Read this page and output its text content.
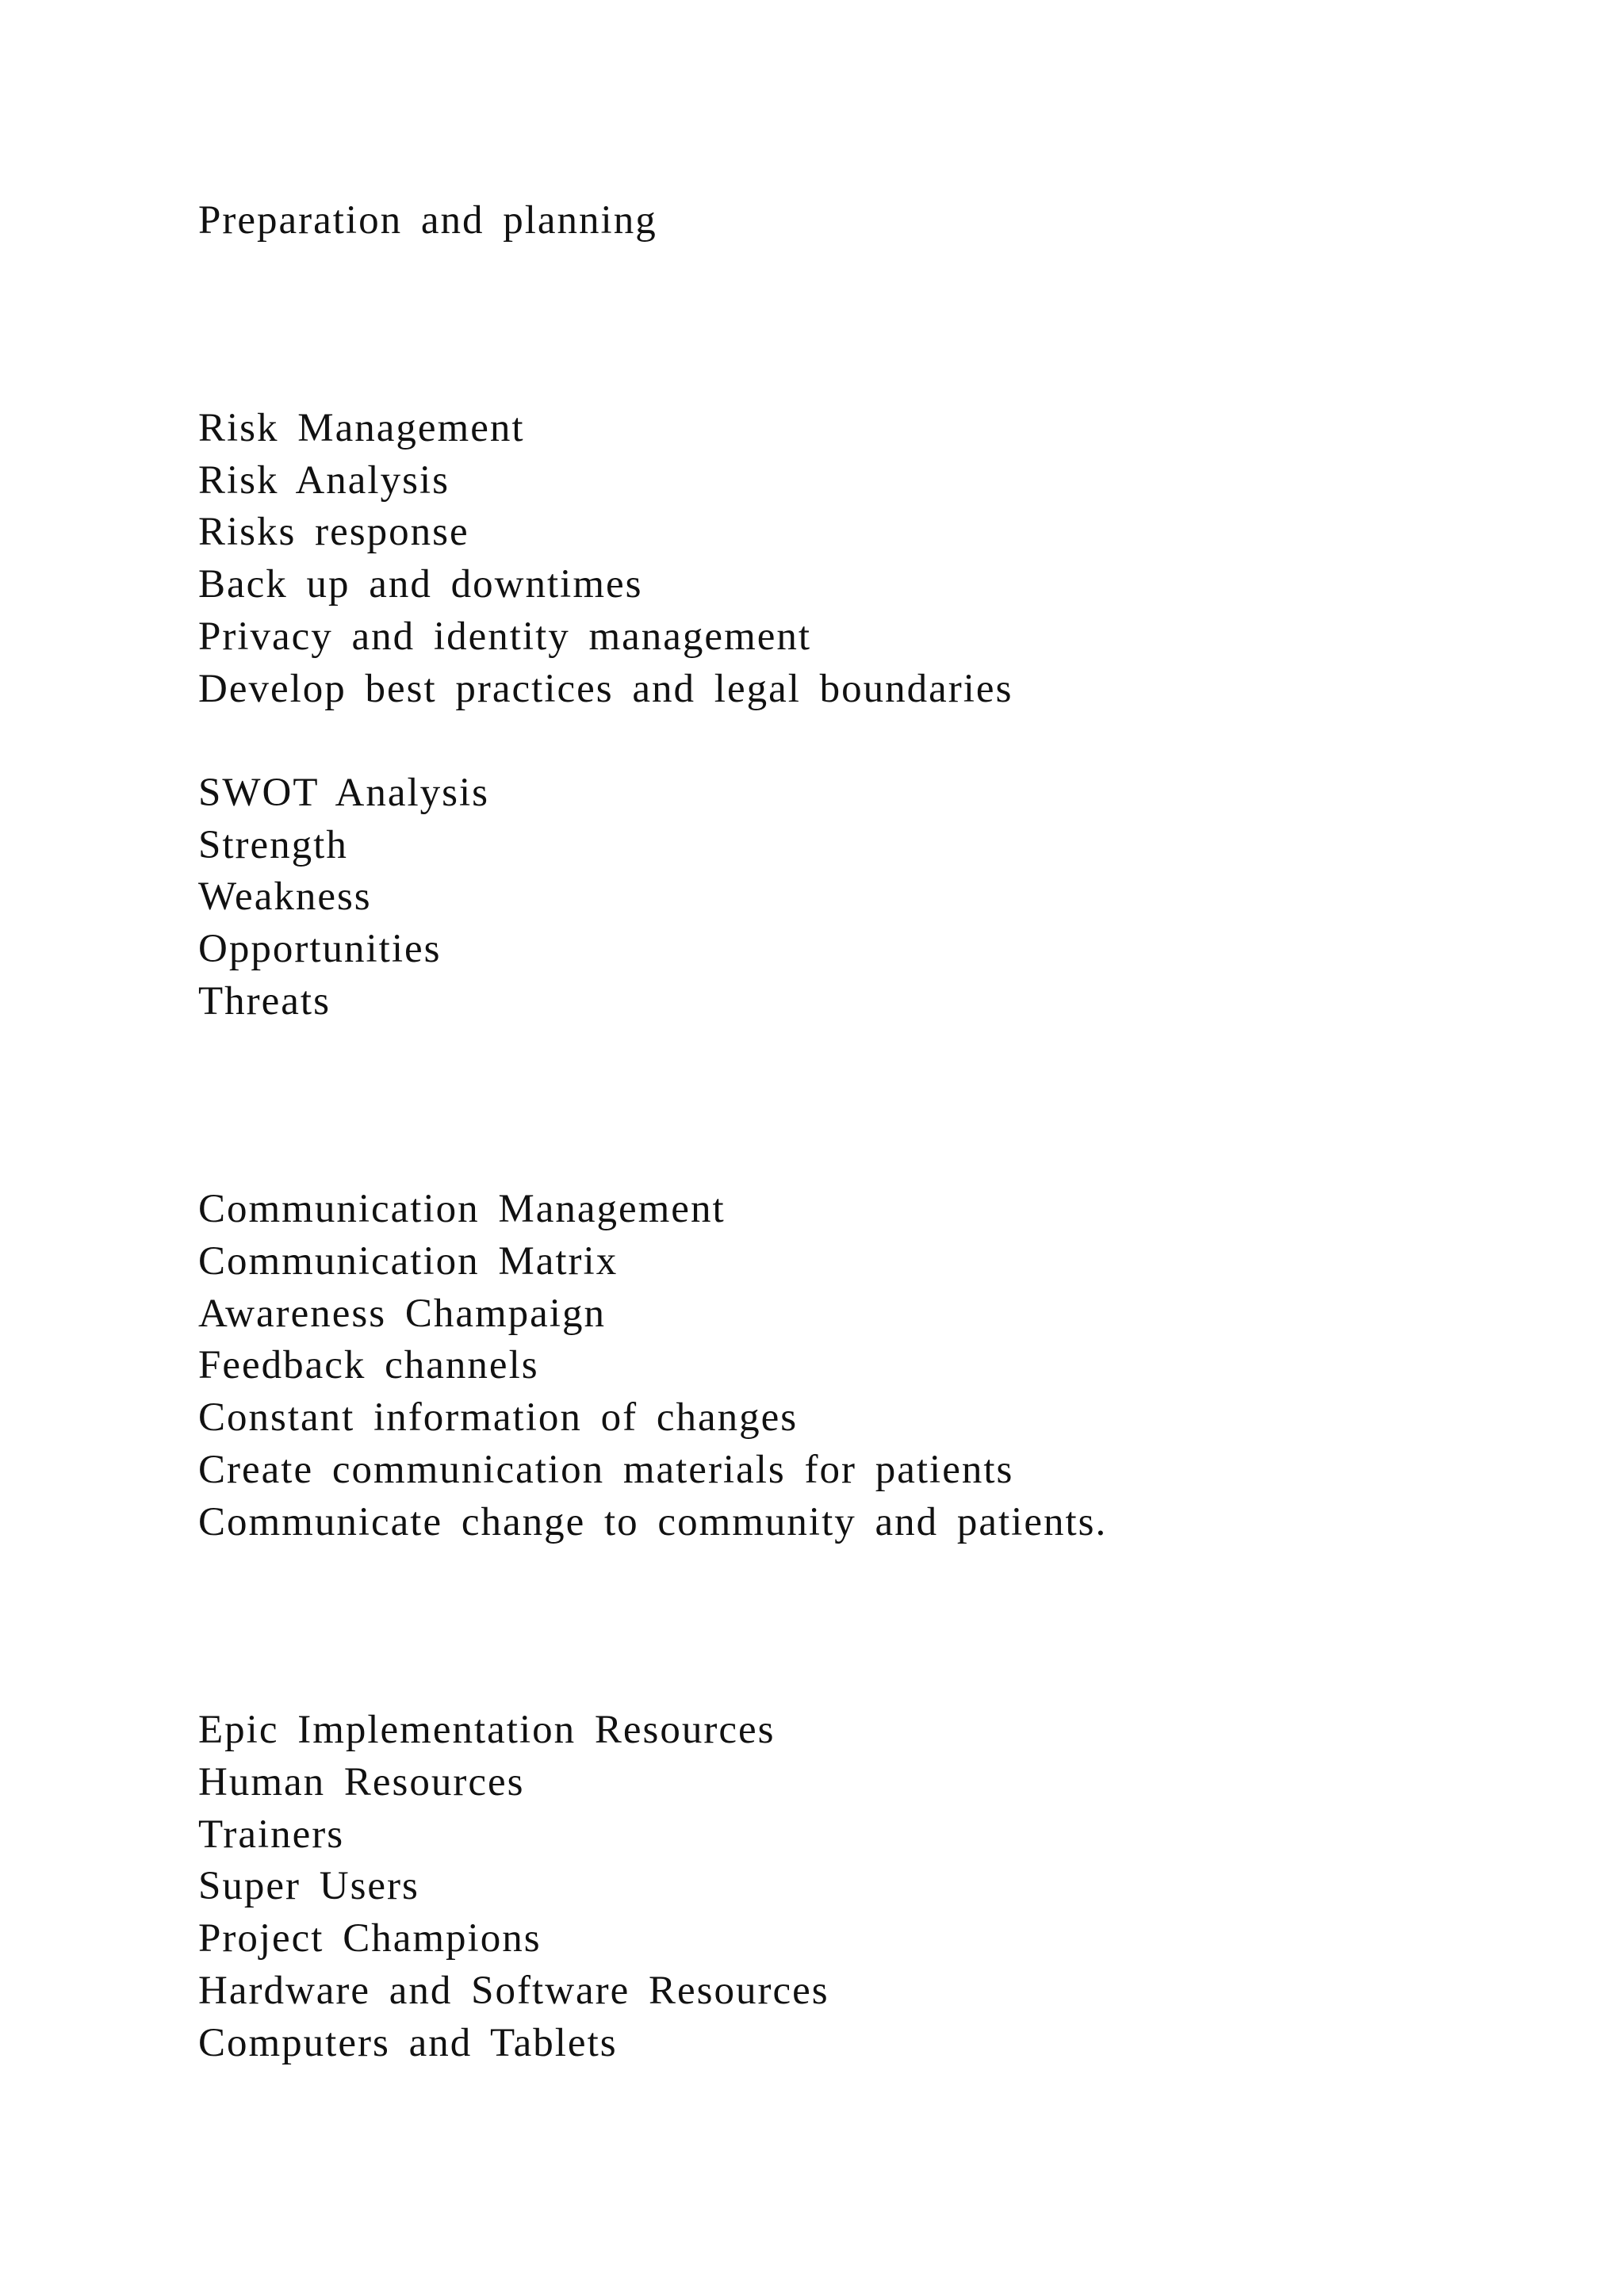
Preparation and planning
Risk Management
Risk Analysis
Risks response
Back up and downtimes
Privacy and identity management
Develop best practices and legal boundaries
SWOT Analysis
Strength
Weakness
Opportunities
Threats
Communication Management
Communication Matrix
Awareness Champaign
Feedback channels
Constant information of changes
Create communication materials for patients
Communicate change to community and patients.
Epic Implementation Resources
Human Resources
Trainers
Super Users
Project Champions
Hardware and Software Resources
Computers and Tablets
